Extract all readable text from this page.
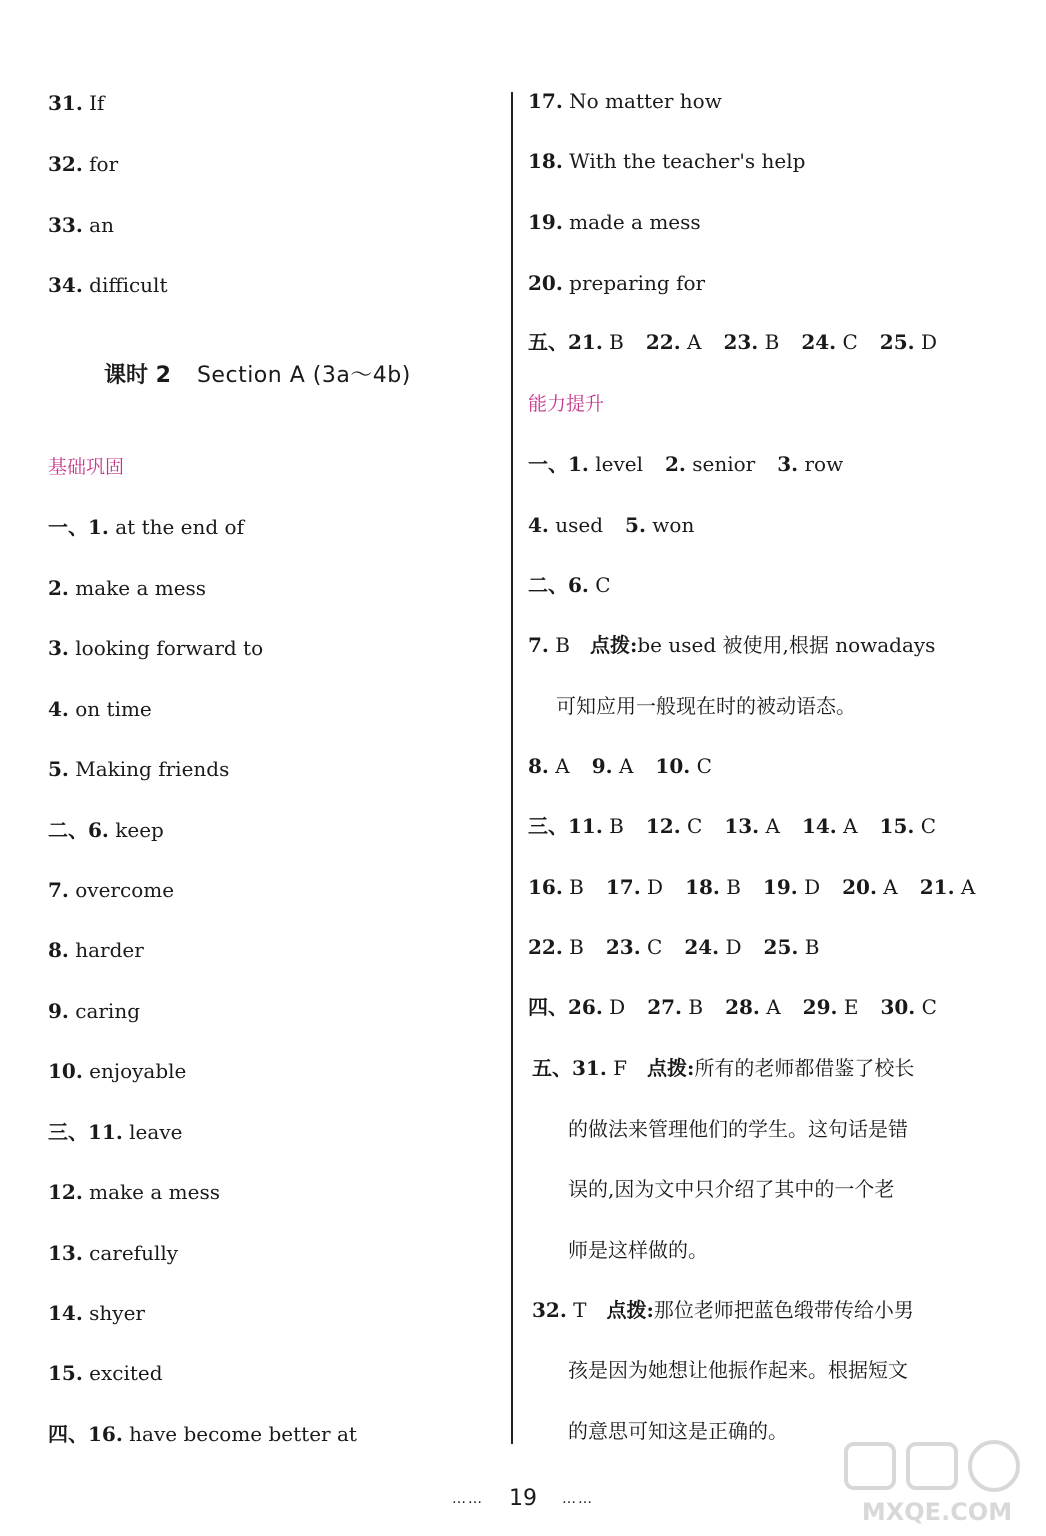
31. If
32. for
33. an
34. difficult
课时 2 Section A (3a～4b)
基础巩固
一、1. at the end of
2. make a mess
3. looking forward to
4. on time
5. Making friends
二、6. keep
7. overcome
8. harder
9. caring
10. enjoyable
三、11. leave
12. make a mess
13. carefully
14. shyer
15. excited
四、16. have become better at
17. No matter how
18. With the teacher's help
19. made a mess
20. preparing for
五、21. B 22. A 23. B 24. C 25. D
能力提升
一、1. level 2. senior 3. row
4. used 5. won
二、6. C
7. B 点拨:be used 被使用,根据 nowadays
可知应用一般现在时的被动语态。
8. A 9. A 10. C
三、11. B 12. C 13. A 14. A 15. C
16. B 17. D 18. B 19. D 20. A 21. A
22. B 23. C 24. D 25. B
四、26. D 27. B 28. A 29. E 30. C
五、31. F 点拨:所有的老师都借鉴了校长
的做法来管理他们的学生。这句话是错
误的,因为文中只介绍了其中的一个老
师是这样做的。
32. T 点拨:那位老师把蓝色缎带传给小男
孩是因为她想让他振作起来。根据短文
的意思可知这是正确的。
…… 19 ……	MXQE.COM
